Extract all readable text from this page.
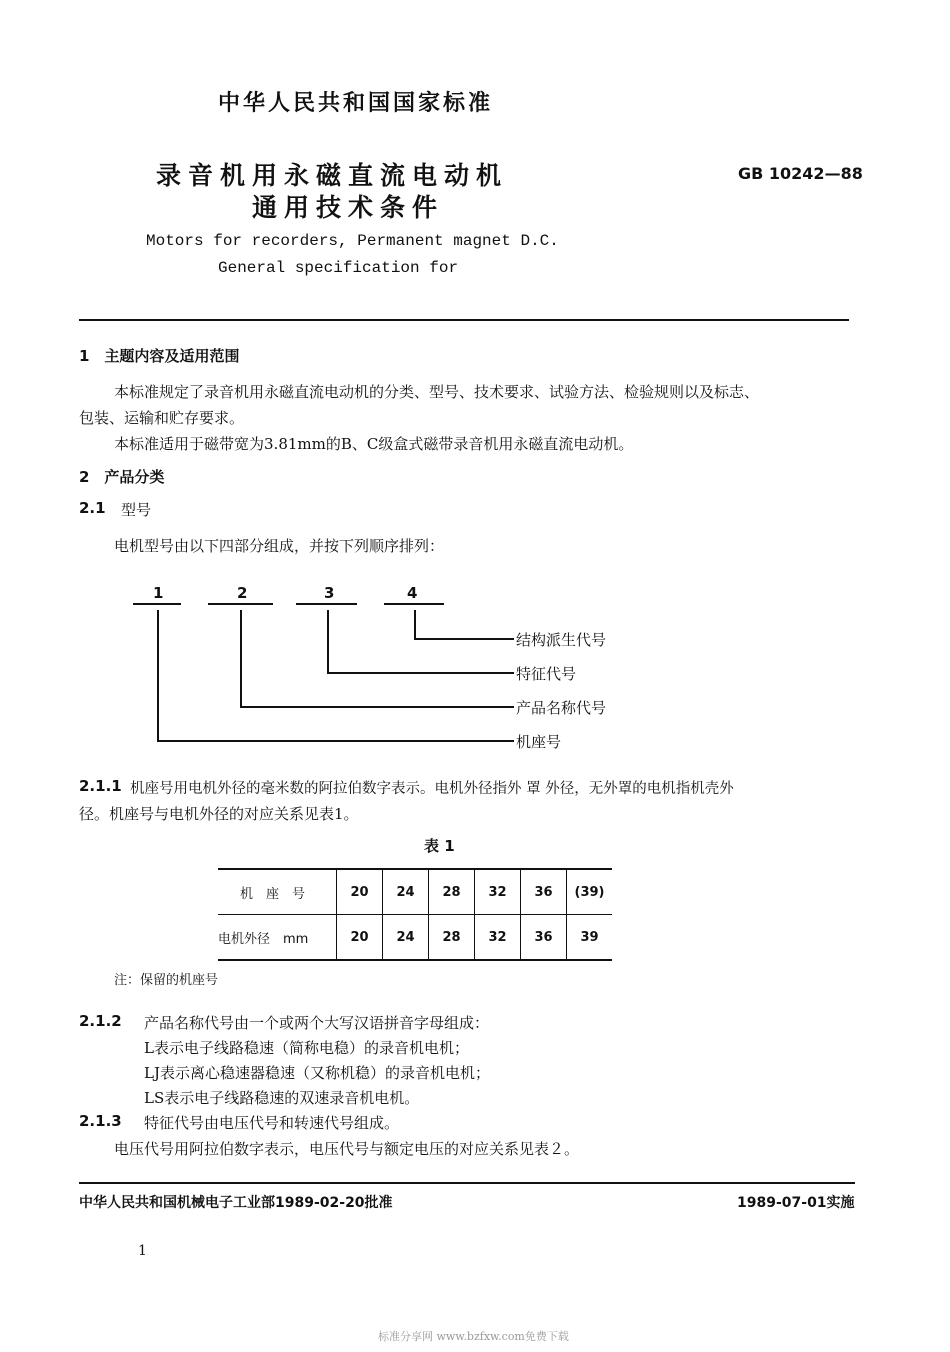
中华人民共和国国家标准
录音机用永磁直流电动机
通用技术条件
GB 10242—88
Motors for recorders, Permanent magnet D.C.
General specification for
1　主题内容及适用范围
本标准规定了录音机用永磁直流电动机的分类、型号、技术要求、试验方法、检验规则以及标志、
包装、运输和贮存要求。
本标准适用于磁带宽为3.81mm的B、C级盒式磁带录音机用永磁直流电动机。
2　产品分类
2.1 型号
电机型号由以下四部分组成，并按下列顺序排列：
1	2	3	4
结构派生代号
特征代号
产品名称代号
机座号
2.1.1 机座号用电机外径的毫米数的阿拉伯数字表示。电机外径指外 罩 外径，无外罩的电机指机壳外
径。机座号与电机外径的对应关系见表1。
表 1
机　座　号	20	24	28	32	36	(39)
电机外径　mm	20	24	28	32	36	39
注：保留的机座号
2.1.2 产品名称代号由一个或两个大写汉语拼音字母组成：
L表示电子线路稳速（简称电稳）的录音机电机；
LJ表示离心稳速器稳速（又称机稳）的录音机电机；
LS表示电子线路稳速的双速录音机电机。
2.1.3 特征代号由电压代号和转速代号组成。
电压代号用阿拉伯数字表示，电压代号与额定电压的对应关系见表２。
中华人民共和国机械电子工业部1989-02-20批准	1989-07-01实施
1
标准分享网 www.bzfxw.com免费下载
